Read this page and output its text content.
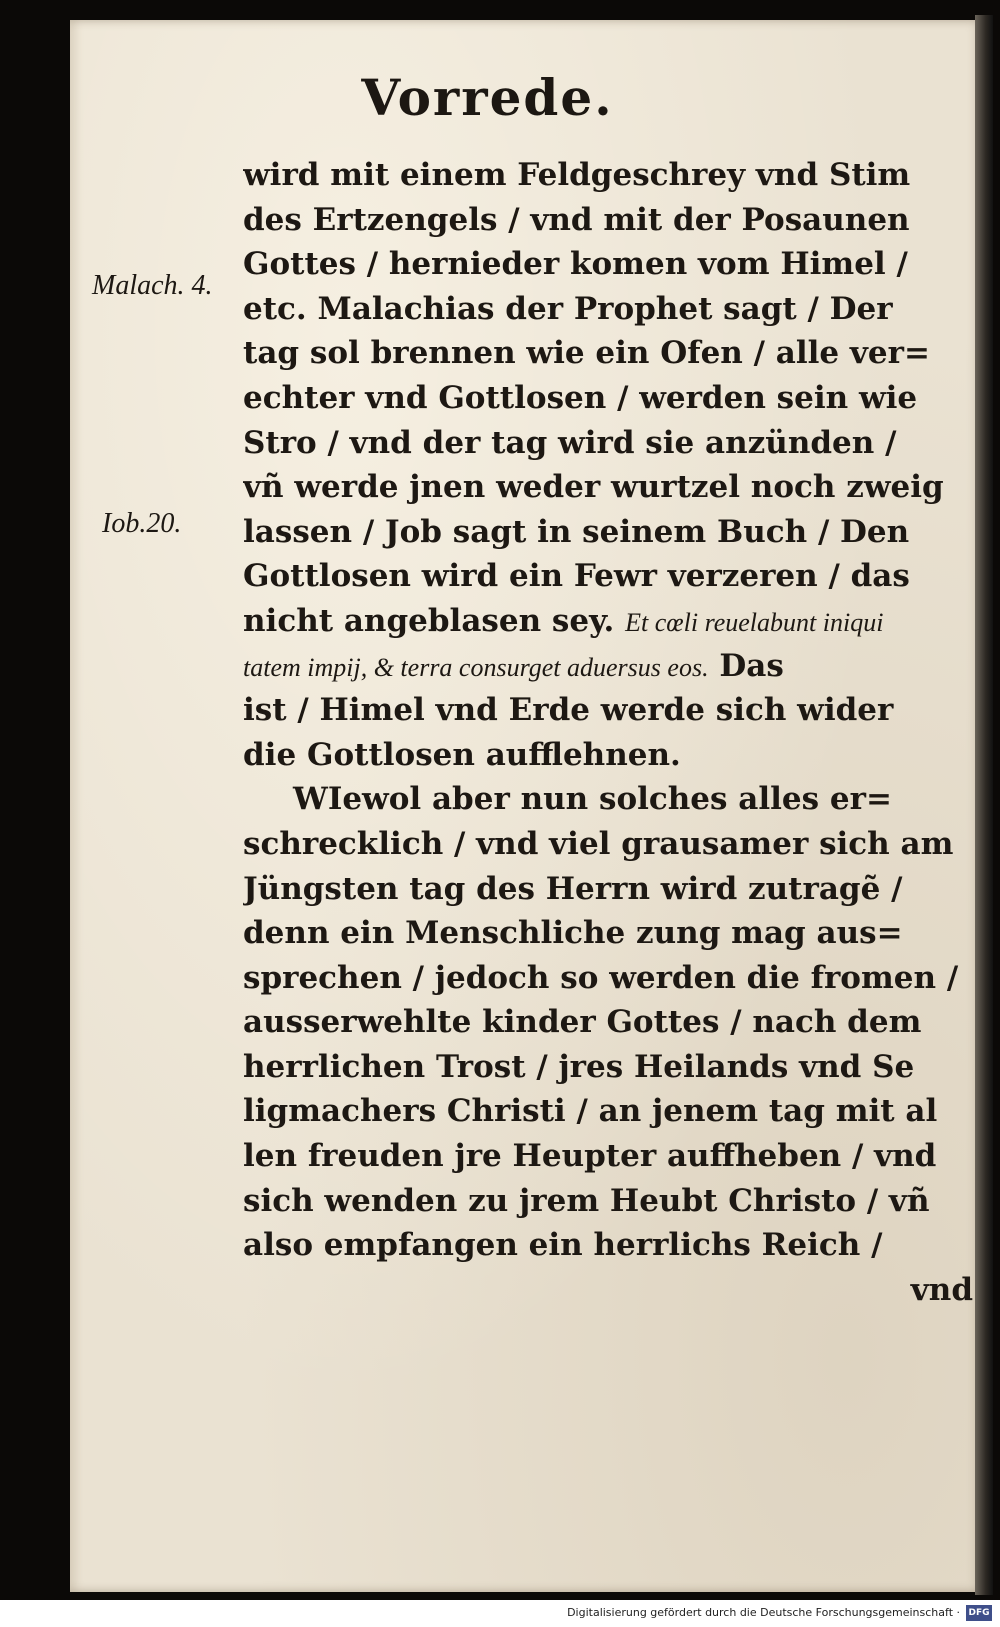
Vorrede.
Malach. 4.
Iob.20.
wird mit einem Feldgeschrey vnd Stim
des Ertzengels / vnd mit der Posaunen
Gottes / hernieder komen vom Himel /
etc. Malachias der Prophet sagt / Der
tag sol brennen wie ein Ofen / alle ver=
echter vnd Gottlosen / werden sein wie
Stro / vnd der tag wird sie anzünden /
vñ werde jnen weder wurtzel noch zweig
lassen / Job sagt in seinem Buch / Den
Gottlosen wird ein Fewr verzeren / das
nicht angeblasen sey. Et cœli reuelabunt iniqui
tatem impij, & terra consurget aduersus eos. Das
ist / Himel vnd Erde werde sich wider
die Gottlosen aufflehnen.
WIewol aber nun solches alles er=
schrecklich / vnd viel grausamer sich am
Jüngsten tag des Herrn wird zutragẽ /
denn ein Menschliche zung mag aus=
sprechen / jedoch so werden die fromen /
ausserwehlte kinder Gottes / nach dem
herrlichen Trost / jres Heilands vnd Se
ligmachers Christi / an jenem tag mit al
len freuden jre Heupter auffheben / vnd
sich wenden zu jrem Heubt Christo / vñ
also empfangen ein herrlichs Reich /
vnd
Digitalisierung gefördert durch die Deutsche Forschungsgemeinschaft · DFG
